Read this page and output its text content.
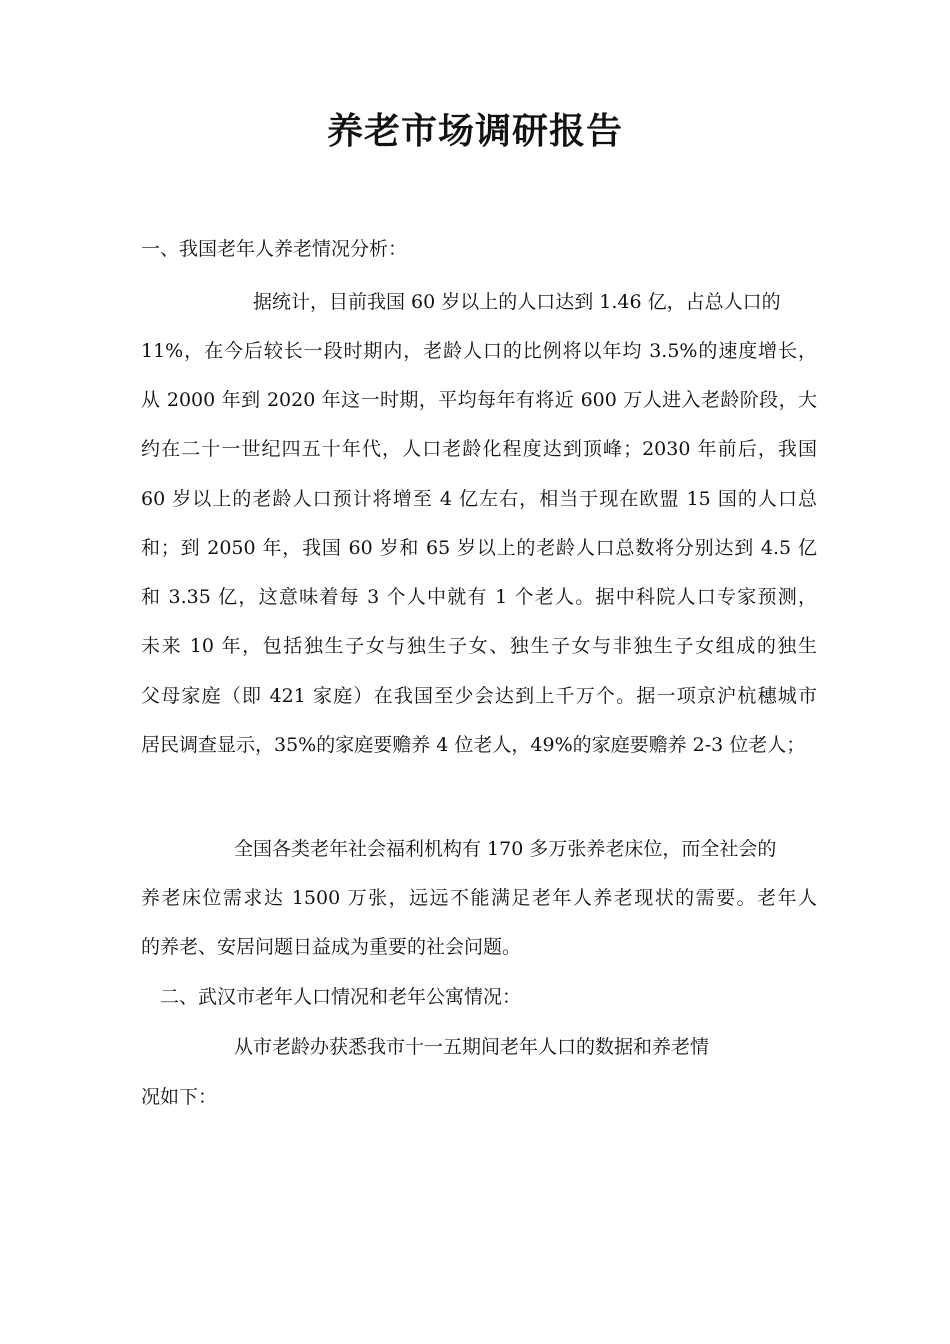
养老市场调研报告

一、我国老年人养老情况分析：

据统计，目前我国 60 岁以上的人口达到 1.46 亿，占总人口的

11%，在今后较长一段时期内，老龄人口的比例将以年均 3.5%的速度增长，

从 2000 年到 2020 年这一时期，平均每年有将近 600 万人进入老龄阶段，大

约在二十一世纪四五十年代，人口老龄化程度达到顶峰；2030 年前后，我国

60 岁以上的老龄人口预计将增至 4 亿左右，相当于现在欧盟 15 国的人口总

和；到 2050 年，我国 60 岁和 65 岁以上的老龄人口总数将分别达到 4.5 亿

和 3.35 亿，这意味着每 3 个人中就有 1 个老人。据中科院人口专家预测，

未来 10 年，包括独生子女与独生子女、独生子女与非独生子女组成的独生

父母家庭（即 421 家庭）在我国至少会达到上千万个。据一项京沪杭穗城市

居民调查显示，35%的家庭要赡养 4 位老人，49%的家庭要赡养 2-3 位老人；

全国各类老年社会福利机构有 170 多万张养老床位，而全社会的

养老床位需求达 1500 万张，远远不能满足老年人养老现状的需要。老年人

的养老、安居问题日益成为重要的社会问题。

二、武汉市老年人口情况和老年公寓情况：

从市老龄办获悉我市十一五期间老年人口的数据和养老情

况如下：
